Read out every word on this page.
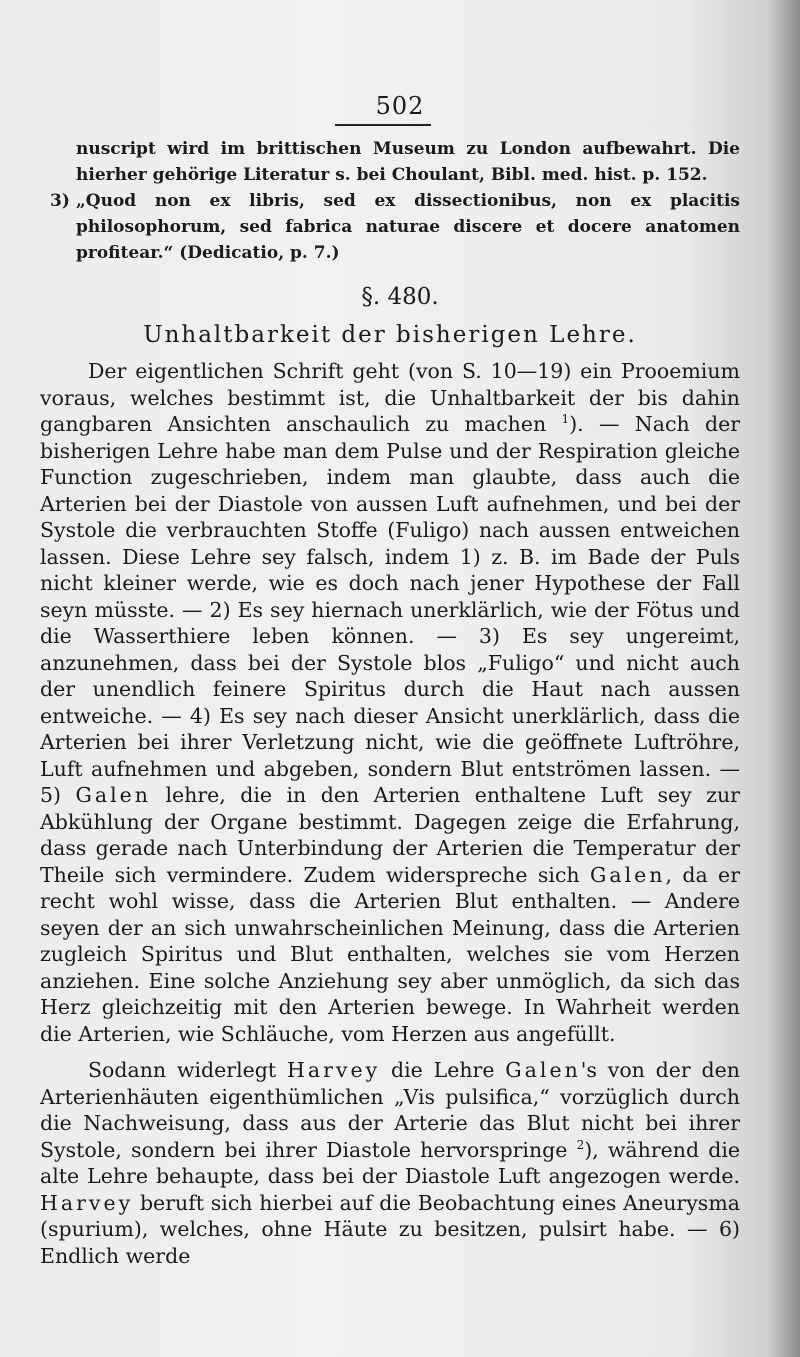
502

nuscript wird im brittischen Museum zu London aufbewahrt. Die hierher gehörige Literatur s. bei Choulant, Bibl. med. hist. p. 152.

3) „Quod non ex libris, sed ex dissectionibus, non ex placitis philosophorum, sed fabrica naturae discere et docere anatomen profitear.“ (Dedicatio, p. 7.)
§. 480.
Unhaltbarkeit der bisherigen Lehre.

Der eigentlichen Schrift geht (von S. 10—19) ein Prooemium voraus, welches bestimmt ist, die Unhaltbarkeit der bis dahin gangbaren Ansichten anschaulich zu machen $^1$). — Nach der bisherigen Lehre habe man dem Pulse und der Respiration gleiche Function zugeschrieben, indem man glaubte, dass auch die Arterien bei der Diastole von aussen Luft aufnehmen, und bei der Systole die verbrauchten Stoffe (Fuligo) nach aussen entweichen lassen. Diese Lehre sey falsch, indem 1) z. B. im Bade der Puls nicht kleiner werde, wie es doch nach jener Hypothese der Fall seyn müsste. — 2) Es sey hiernach unerklärlich, wie der Fötus und die Wasserthiere leben können. — 3) Es sey ungereimt, anzunehmen, dass bei der Systole blos „Fuligo“ und nicht auch der unendlich feinere Spiritus durch die Haut nach aussen entweiche. — 4) Es sey nach dieser Ansicht unerklärlich, dass die Arterien bei ihrer Verletzung nicht, wie die geöffnete Luftröhre, Luft aufnehmen und abgeben, sondern Blut entströmen lassen. — 5) Galen lehre, die in den Arterien enthaltene Luft sey zur Abkühlung der Organe bestimmt. Dagegen zeige die Erfahrung, dass gerade nach Unterbindung der Arterien die Temperatur der Theile sich vermindere. Zudem widerspreche sich Galen, da er recht wohl wisse, dass die Arterien Blut enthalten. — Andere seyen der an sich unwahrscheinlichen Meinung, dass die Arterien zugleich Spiritus und Blut enthalten, welches sie vom Herzen anziehen. Eine solche Anziehung sey aber unmöglich, da sich das Herz gleichzeitig mit den Arterien bewege. In Wahrheit werden die Arterien, wie Schläuche, vom Herzen aus angefüllt.

Sodann widerlegt Harvey die Lehre Galen's von der den Arterienhäuten eigenthümlichen „Vis pulsifica,“ vorzüglich durch die Nachweisung, dass aus der Arterie das Blut nicht bei ihrer Systole, sondern bei ihrer Diastole hervorspringe $^2$), während die alte Lehre behaupte, dass bei der Diastole Luft angezogen werde. Harvey beruft sich hierbei auf die Beobachtung eines Aneurysma (spurium), welches, ohne Häute zu besitzen, pulsirt habe. — 6) Endlich werde
